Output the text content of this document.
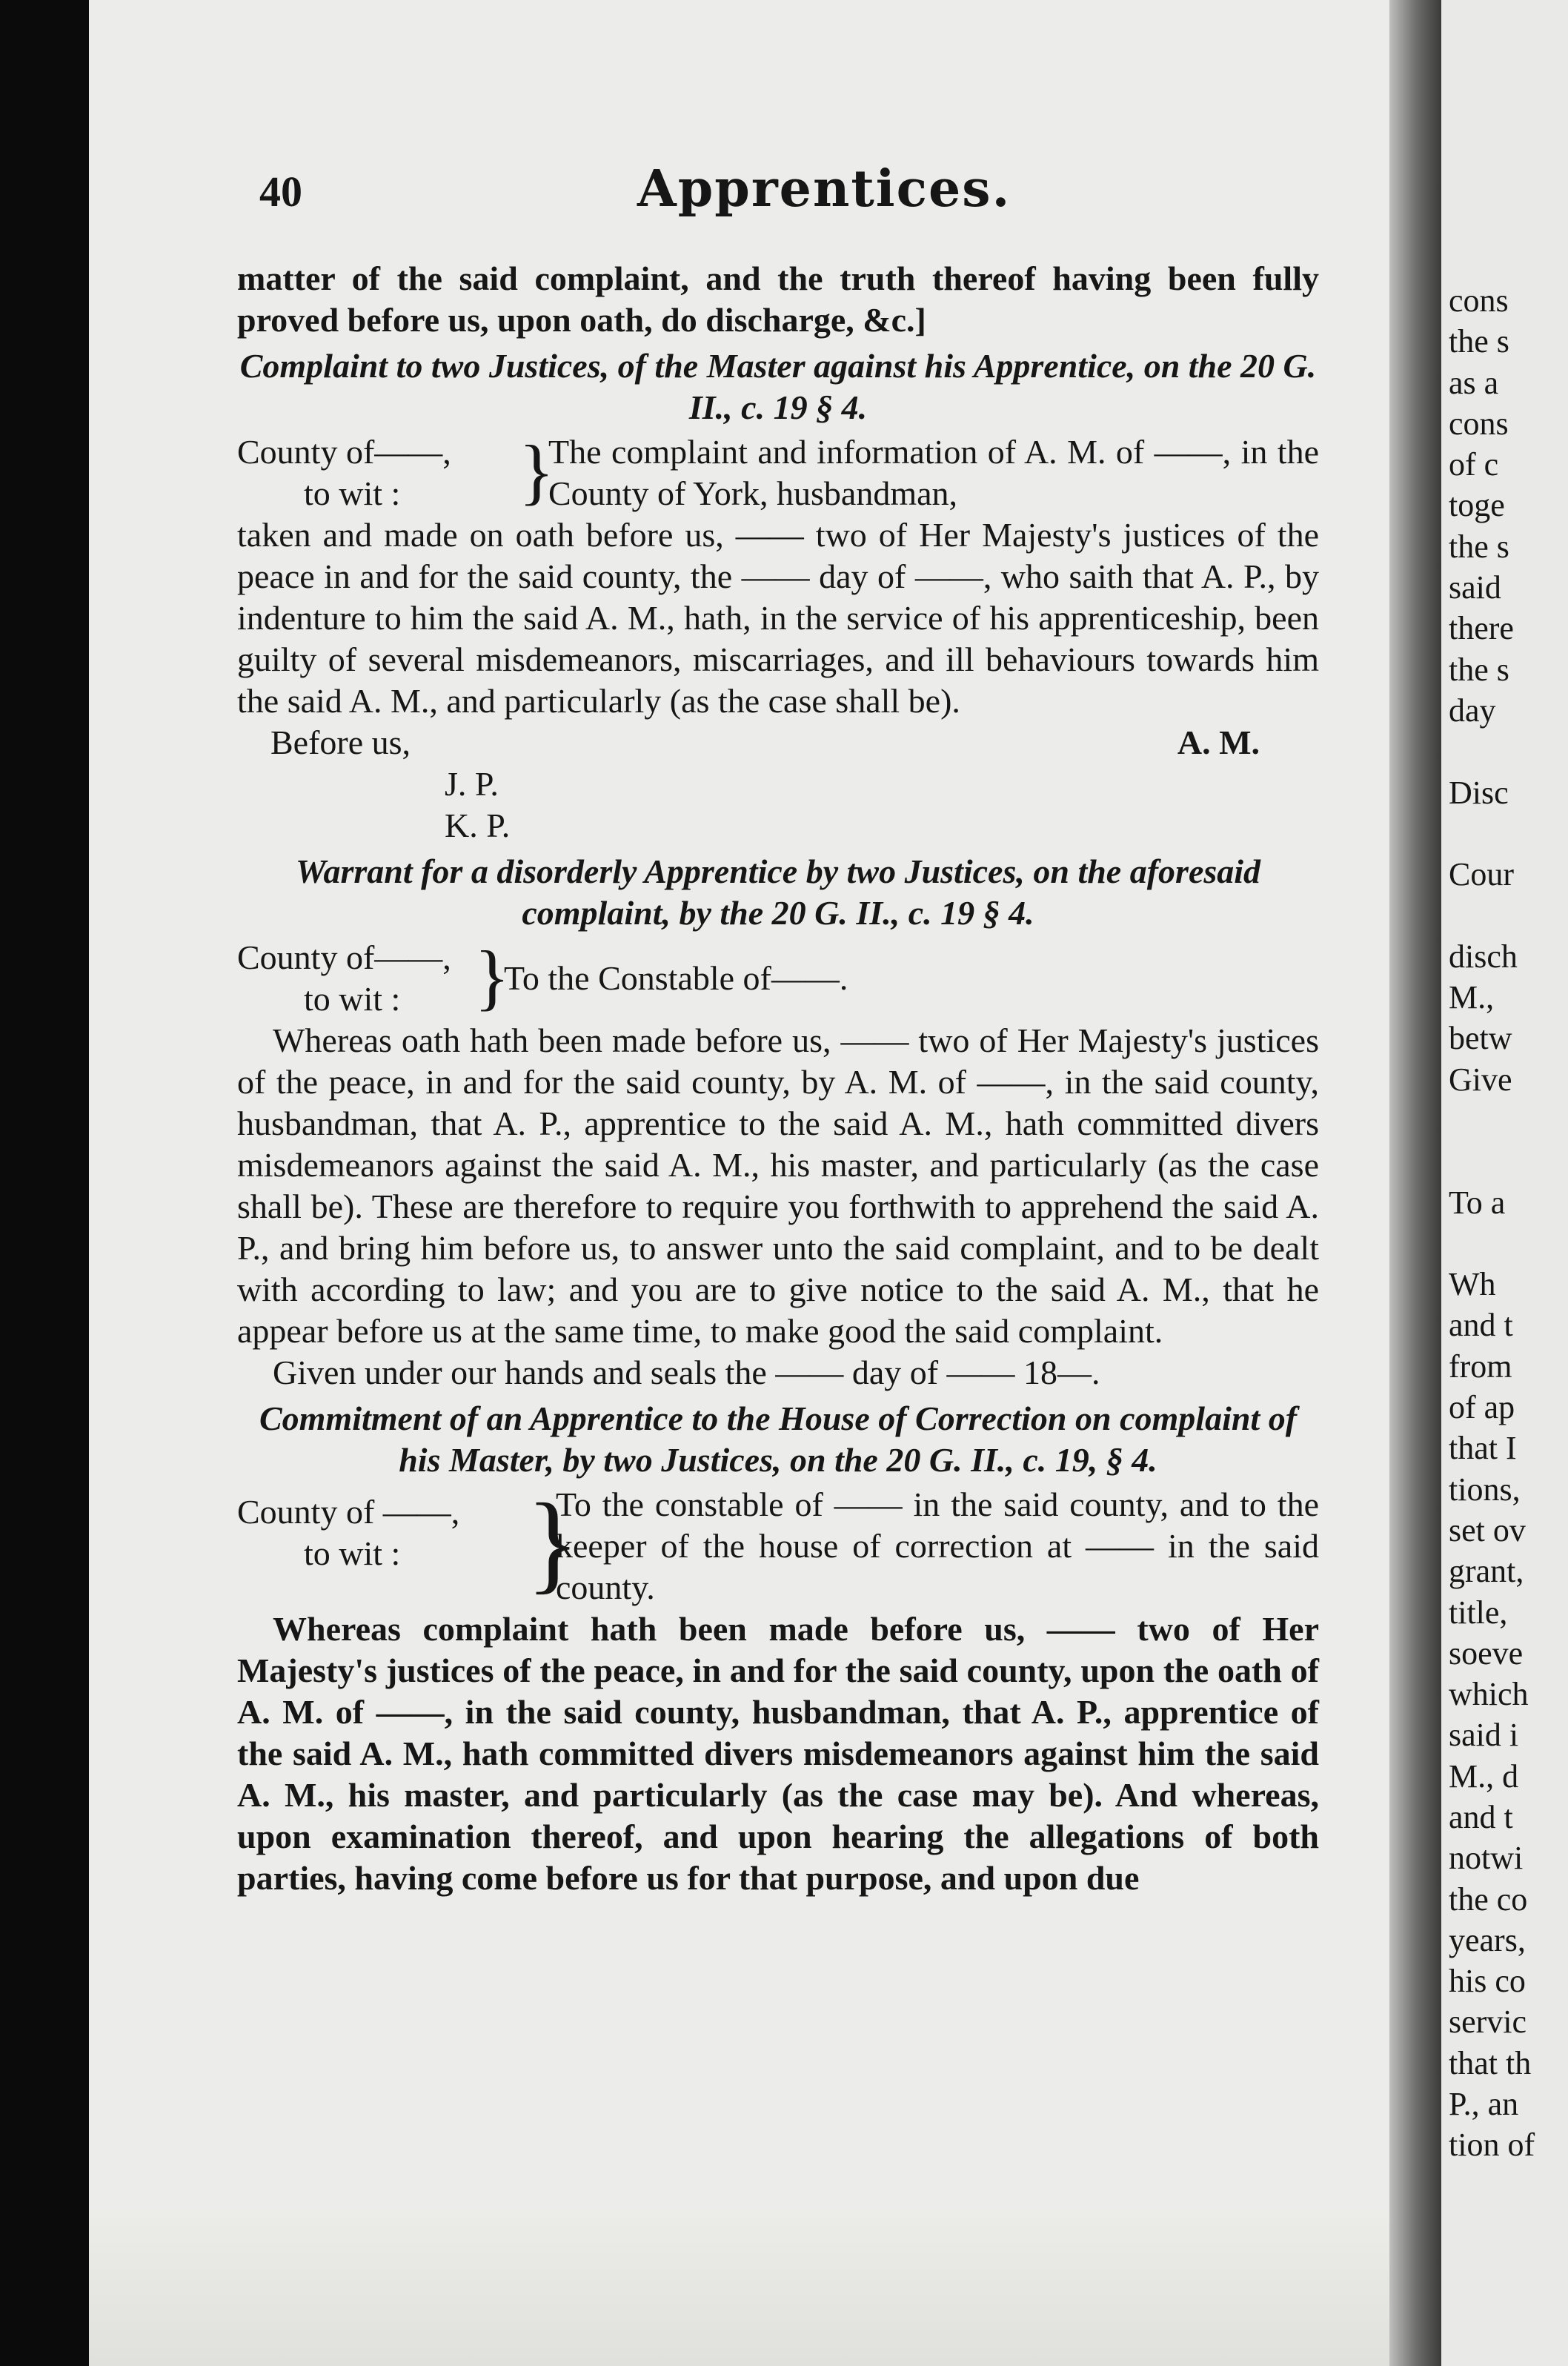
40	Apprentices.

matter of the said complaint, and the truth thereof having been fully proved before us, upon oath, do discharge, &c.]

Complaint to two Justices, of the Master against his Apprentice, on the 20 G. II., c. 19 § 4.

County of——,
to wit :	}
The complaint and information of A. M. of ——, in the County of York, husbandman,

taken and made on oath before us, —— two of Her Majesty's justices of the peace in and for the said county, the —— day of ——, who saith that A. P., by indenture to him the said A. M., hath, in the service of his apprenticeship, been guilty of several misdemeanors, miscarriages, and ill behaviours towards him the said A. M., and particularly (as the case shall be).

Before us,	A. M.
J. P.
K. P.

Warrant for a disorderly Apprentice by two Justices, on the aforesaid complaint, by the 20 G. II., c. 19 § 4.

County of——,
to wit : }
To the Constable of——.

Whereas oath hath been made before us, —— two of Her Majesty's justices of the peace, in and for the said county, by A. M. of ——, in the said county, husbandman, that A. P., apprentice to the said A. M., hath committed divers misdemeanors against the said A. M., his master, and particularly (as the case shall be). These are therefore to require you forthwith to apprehend the said A. P., and bring him before us, to answer unto the said complaint, and to be dealt with according to law; and you are to give notice to the said A. M., that he appear before us at the same time, to make good the said complaint.

Given under our hands and seals the —— day of —— 18—.

Commitment of an Apprentice to the House of Correction on complaint of his Master, by two Justices, on the 20 G. II., c. 19, § 4.

County of ——,
to wit :	}
To the constable of —— in the said county, and to the keeper of the house of correction at —— in the said county.

Whereas complaint hath been made before us, —— two of Her Majesty's justices of the peace, in and for the said county, upon the oath of A. M. of ——, in the said county, husbandman, that A. P., apprentice of the said A. M., hath committed divers misdemeanors against him the said A. M., his master, and particularly (as the case may be). And whereas, upon examination thereof, and upon hearing the allegations of both parties, having come before us for that purpose, and upon due

cons
the s
as a
cons
of c
toge
the s
said
there
the s
day

Disc

Cour

disch
M.,
betw
Give

To a

Wh
and t
from
of ap
that I
tions,
set ov
grant,
title,
soeve
which
said i
M., d
and t
notwi
the co
years,
his co
servic
that th
P., an
tion of
